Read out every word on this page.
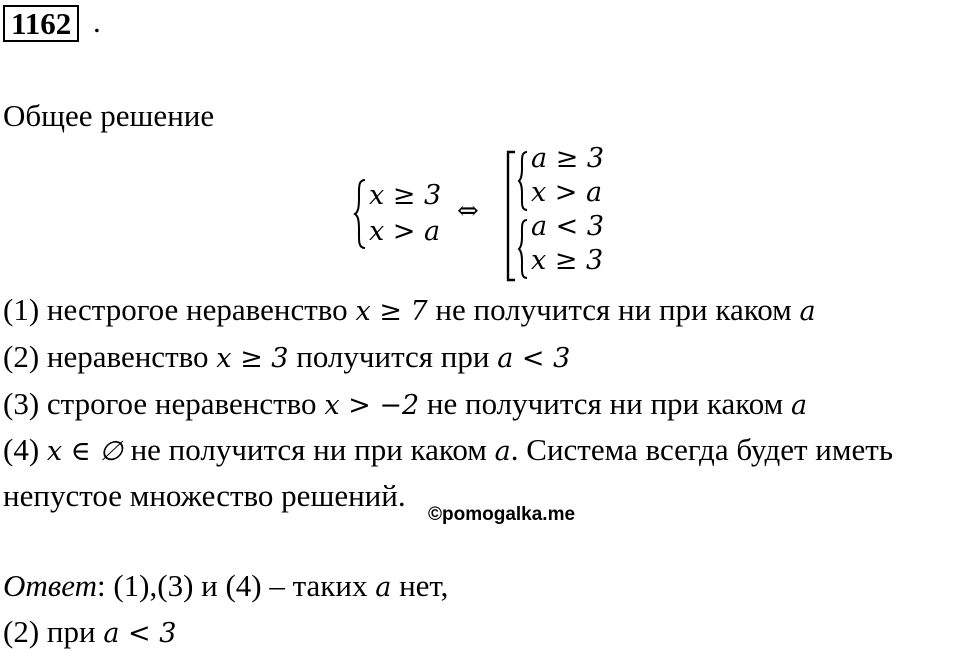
1162 .
Общее решение
x ≥ 3
x > a
⇔
a ≥ 3
x > a
a < 3
x ≥ 3
(1) нестрогое неравенство x ≥ 7 не получится ни при каком a
(2) неравенство x ≥ 3 получится при a < 3
(3) строгое неравенство x > −2 не получится ни при каком a
(4) x ∈ ∅ не получится ни при каком a. Система всегда будет иметь
непустое множество решений.
©pomogalka.me
Ответ: (1),(3) и (4) – таких a нет,
(2) при a < 3
